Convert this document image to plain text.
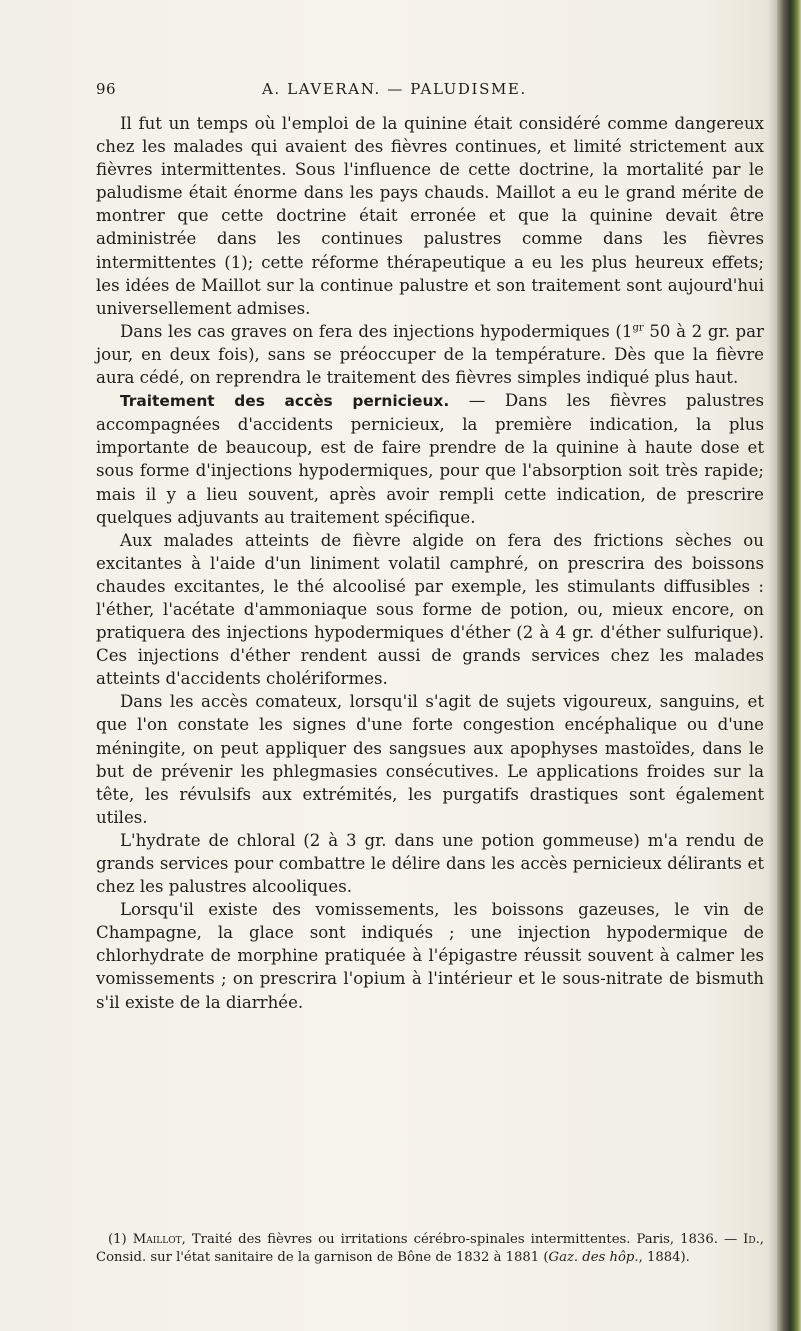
96	A. LAVERAN. — PALUDISME.

Il fut un temps où l'emploi de la quinine était considéré comme dangereux chez les malades qui avaient des fièvres continues, et limité strictement aux fièvres intermittentes. Sous l'influence de cette doctrine, la mortalité par le paludisme était énorme dans les pays chauds. Maillot a eu le grand mérite de montrer que cette doctrine était erronée et que la quinine devait être administrée dans les continues palustres comme dans les fièvres intermittentes (1); cette réforme thérapeutique a eu les plus heureux effets; les idées de Maillot sur la continue palustre et son traitement sont aujourd'hui universellement admises.

Dans les cas graves on fera des injections hypodermiques ($1^{gr}$ 50 à 2 gr. par jour, en deux fois), sans se préoccuper de la température. Dès que la fièvre aura cédé, on reprendra le traitement des fièvres simples indiqué plus haut.

Traitement des accès pernicieux. — Dans les fièvres palustres accompagnées d'accidents pernicieux, la première indication, la plus importante de beaucoup, est de faire prendre de la quinine à haute dose et sous forme d'injections hypodermiques, pour que l'absorption soit très rapide; mais il y a lieu souvent, après avoir rempli cette indication, de prescrire quelques adjuvants au traitement spécifique.

Aux malades atteints de fièvre algide on fera des frictions sèches ou excitantes à l'aide d'un liniment volatil camphré, on prescrira des boissons chaudes excitantes, le thé alcoolisé par exemple, les stimulants diffusibles : l'éther, l'acétate d'ammoniaque sous forme de potion, ou, mieux encore, on pratiquera des injections hypodermiques d'éther (2 à 4 gr. d'éther sulfurique). Ces injections d'éther rendent aussi de grands services chez les malades atteints d'accidents cholériformes.

Dans les accès comateux, lorsqu'il s'agit de sujets vigoureux, sanguins, et que l'on constate les signes d'une forte congestion encéphalique ou d'une méningite, on peut appliquer des sangsues aux apophyses mastoïdes, dans le but de prévenir les phlegmasies consécutives. Le applications froides sur la tête, les révulsifs aux extrémités, les purgatifs drastiques sont également utiles.

L'hydrate de chloral (2 à 3 gr. dans une potion gommeuse) m'a rendu de grands services pour combattre le délire dans les accès pernicieux délirants et chez les palustres alcooliques.

Lorsqu'il existe des vomissements, les boissons gazeuses, le vin de Champagne, la glace sont indiqués ; une injection hypodermique de chlorhydrate de morphine pratiquée à l'épigastre réussit souvent à calmer les vomissements ; on prescrira l'opium à l'intérieur et le sous-nitrate de bismuth s'il existe de la diarrhée.

(1) Maillot, Traité des fièvres ou irritations cérébro-spinales intermittentes. Paris, 1836. — Id., Consid. sur l'état sanitaire de la garnison de Bône de 1832 à 1881 (Gaz. des hôp., 1884).
